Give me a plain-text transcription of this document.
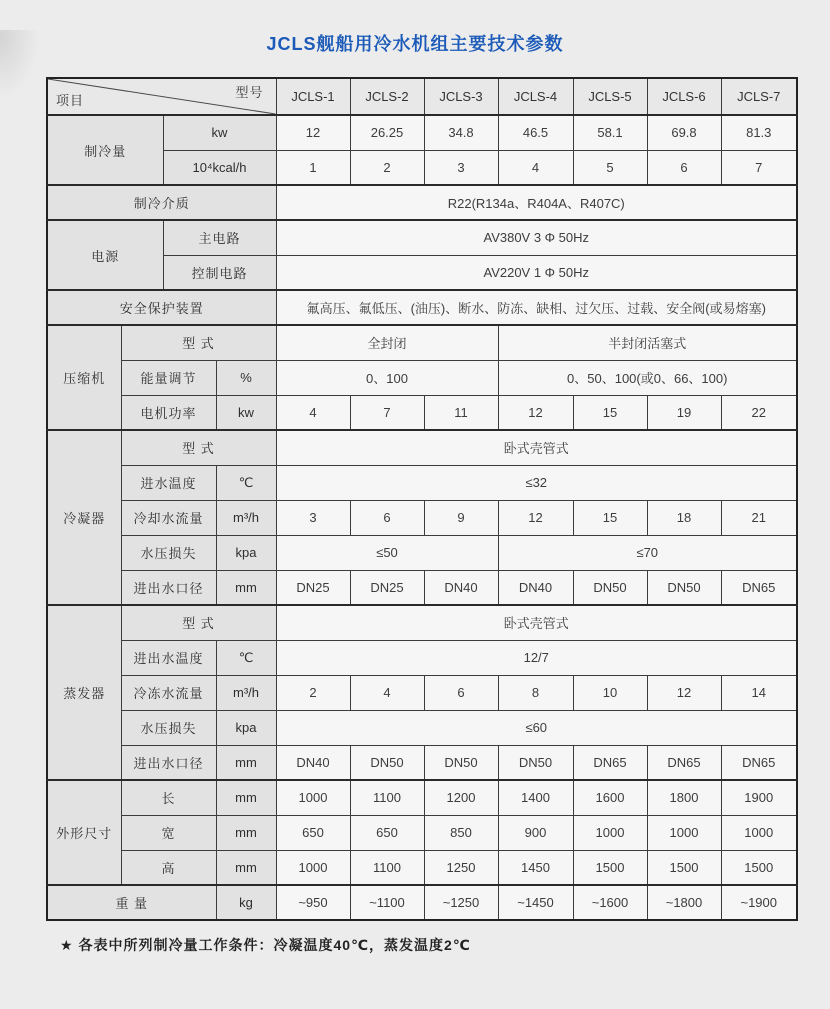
JCLS舰船用冷水机组主要技术参数
型号
项目				JCLS-1	JCLS-2	JCLS-3	JCLS-4	JCLS-5	JCLS-6	JCLS-7
制冷量		kw		12	26.25	34.8	46.5	58.1	69.8	81.3
		10⁴kcal/h		1	2	3	4	5	6	7
制冷介质				R22(R134a、R404A、R407C)						
电源		主电路		AV380V 3 Φ 50Hz						
		控制电路		AV220V 1 Φ 50Hz						
安全保护装置				氟高压、氟低压、(油压)、断水、防冻、缺相、过欠压、过载、安全阀(或易熔塞)						
压缩机	型 式			全封闭			半封闭活塞式			
	能量调节		%	0、100			0、50、100(或0、66、100)			
	电机功率		kw	4	7	11	12	15	19	22
冷凝器	型 式			卧式壳管式						
	进水温度		℃	≤32						
	冷却水流量		m³/h	3	6	9	12	15	18	21
	水压损失		kpa	≤50			≤70			
	进出水口径		mm	DN25	DN25	DN40	DN40	DN50	DN50	DN65
蒸发器	型 式			卧式壳管式						
	进出水温度		℃	12/7						
	冷冻水流量		m³/h	2	4	6	8	10	12	14
	水压损失		kpa	≤60						
	进出水口径		mm	DN40	DN50	DN50	DN50	DN65	DN65	DN65
外形尺寸	长		mm	1000	1100	1200	1400	1600	1800	1900
	宽		mm	650	650	850	900	1000	1000	1000
	高		mm	1000	1100	1250	1450	1500	1500	1500
重 量			kg	~950	~1100	~1250	~1450	~1600	~1800	~1900

★ 各表中所列制冷量工作条件：冷凝温度40℃，蒸发温度2℃
